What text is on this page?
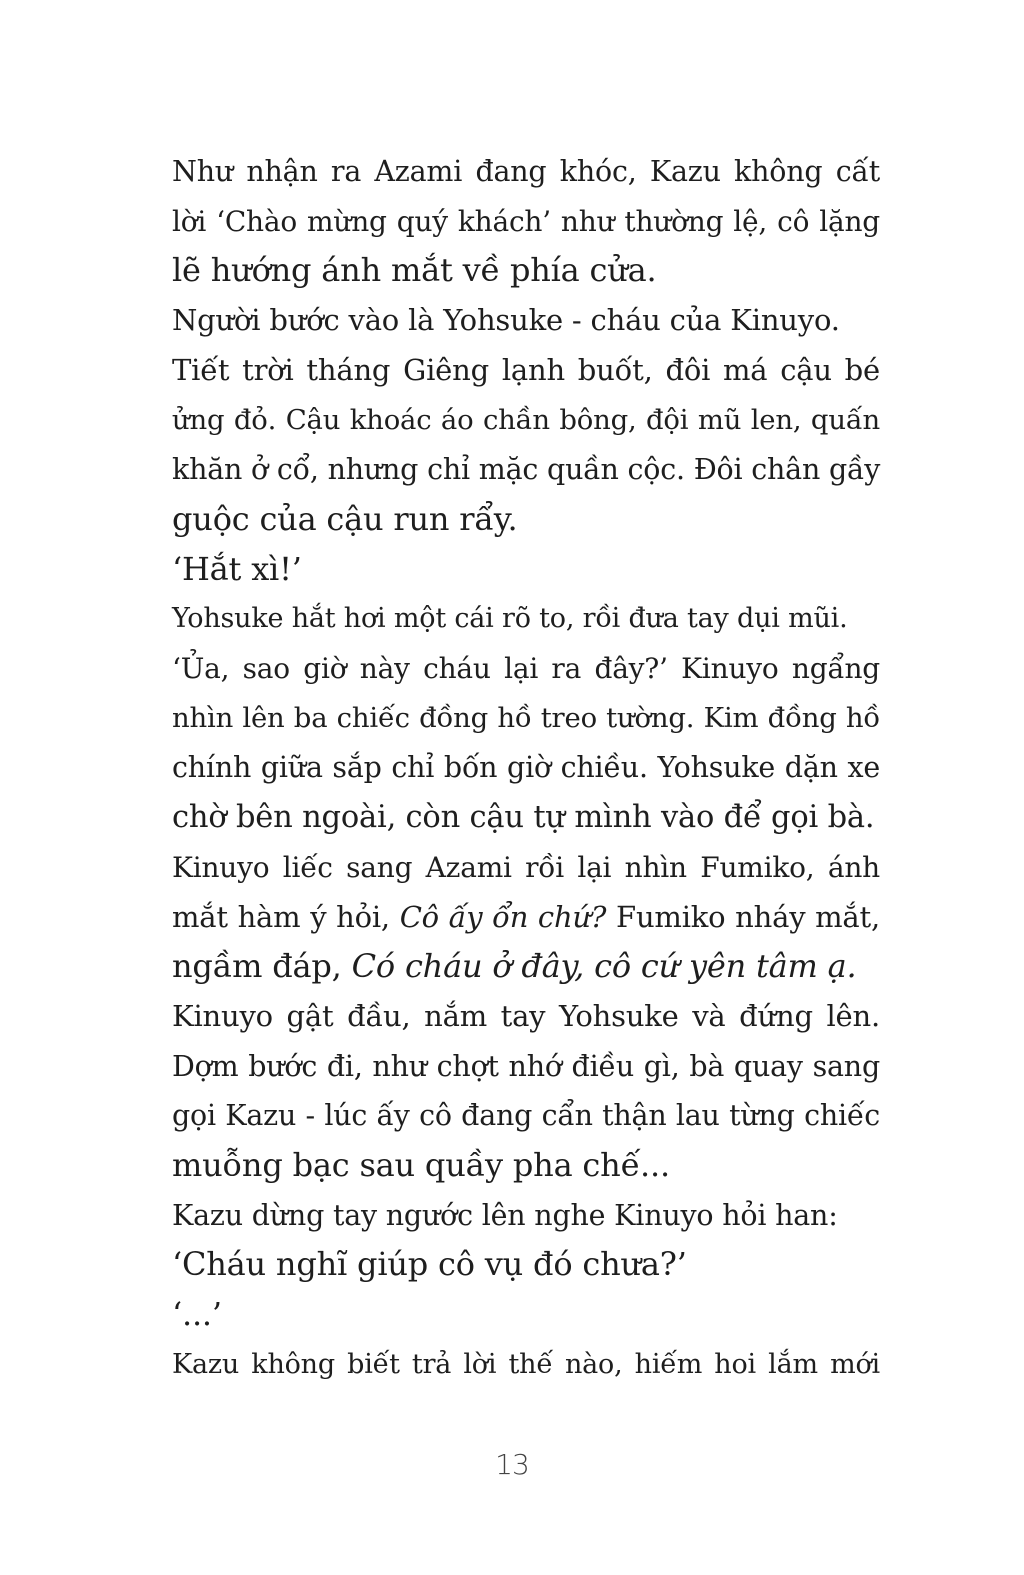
Như nhận ra Azami đang khóc, Kazu không cất
lời ‘Chào mừng quý khách’ như thường lệ, cô lặng
lẽ hướng ánh mắt về phía cửa.

Người bước vào là Yohsuke - cháu của Kinuyo.

Tiết trời tháng Giêng lạnh buốt, đôi má cậu bé
ửng đỏ. Cậu khoác áo chần bông, đội mũ len, quấn
khăn ở cổ, nhưng chỉ mặc quần cộc. Đôi chân gầy
guộc của cậu run rẩy.

‘Hắt xì!’

Yohsuke hắt hơi một cái rõ to, rồi đưa tay dụi mũi.

‘Ủa, sao giờ này cháu lại ra đây?’ Kinuyo ngẩng
nhìn lên ba chiếc đồng hồ treo tường. Kim đồng hồ
chính giữa sắp chỉ bốn giờ chiều. Yohsuke dặn xe
chờ bên ngoài, còn cậu tự mình vào để gọi bà.

Kinuyo liếc sang Azami rồi lại nhìn Fumiko, ánh
mắt hàm ý hỏi, Cô ấy ổn chứ? Fumiko nháy mắt,
ngầm đáp, Có cháu ở đây, cô cứ yên tâm ạ.

Kinuyo gật đầu, nắm tay Yohsuke và đứng lên.
Dợm bước đi, như chợt nhớ điều gì, bà quay sang
gọi Kazu - lúc ấy cô đang cẩn thận lau từng chiếc
muỗng bạc sau quầy pha chế...

Kazu dừng tay ngước lên nghe Kinuyo hỏi han:

‘Cháu nghĩ giúp cô vụ đó chưa?’

‘...’

Kazu không biết trả lời thế nào, hiếm hoi lắm mới

13
